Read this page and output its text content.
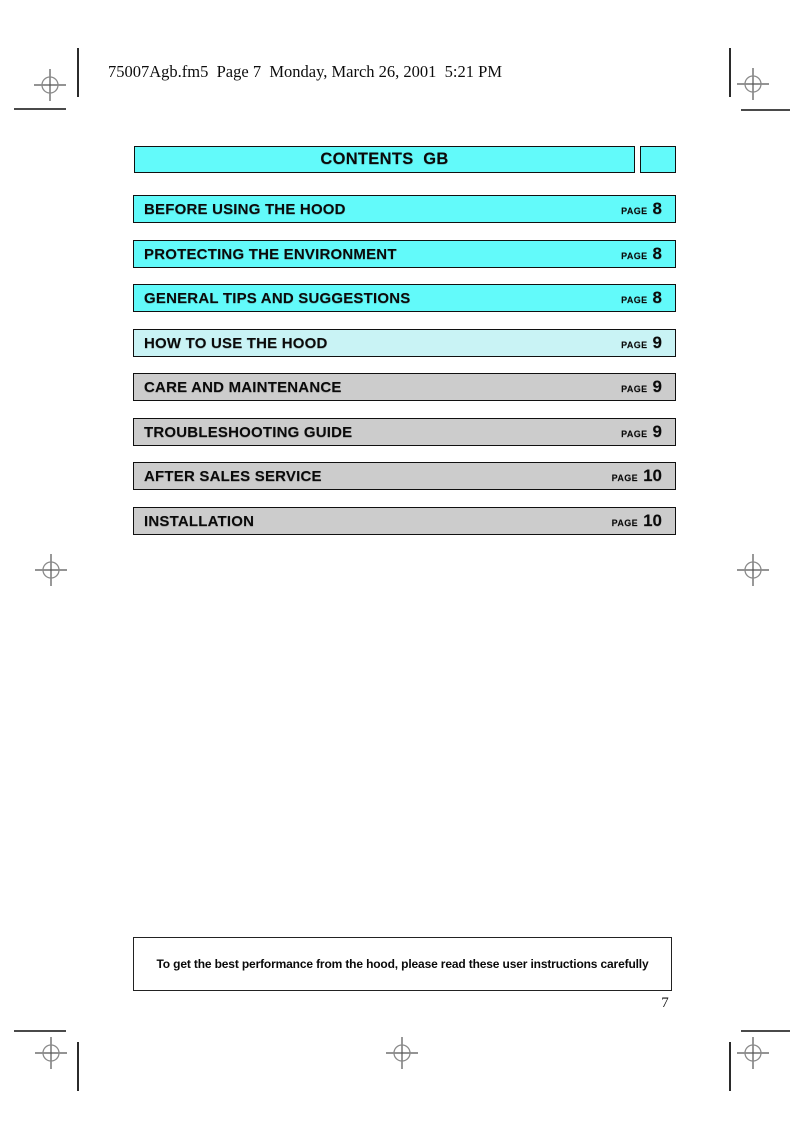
75007Agb.fm5  Page 7  Monday, March 26, 2001  5:21 PM
CONTENTS  GB
BEFORE USING THE HOOD	PAGE 8
PROTECTING THE ENVIRONMENT	PAGE 8
GENERAL TIPS AND SUGGESTIONS	PAGE 8
HOW TO USE THE HOOD	PAGE 9
CARE AND MAINTENANCE	PAGE 9
TROUBLESHOOTING GUIDE	PAGE 9
AFTER SALES SERVICE	PAGE 10
INSTALLATION	PAGE 10
To get the best performance from the hood, please read these user instructions carefully
7
